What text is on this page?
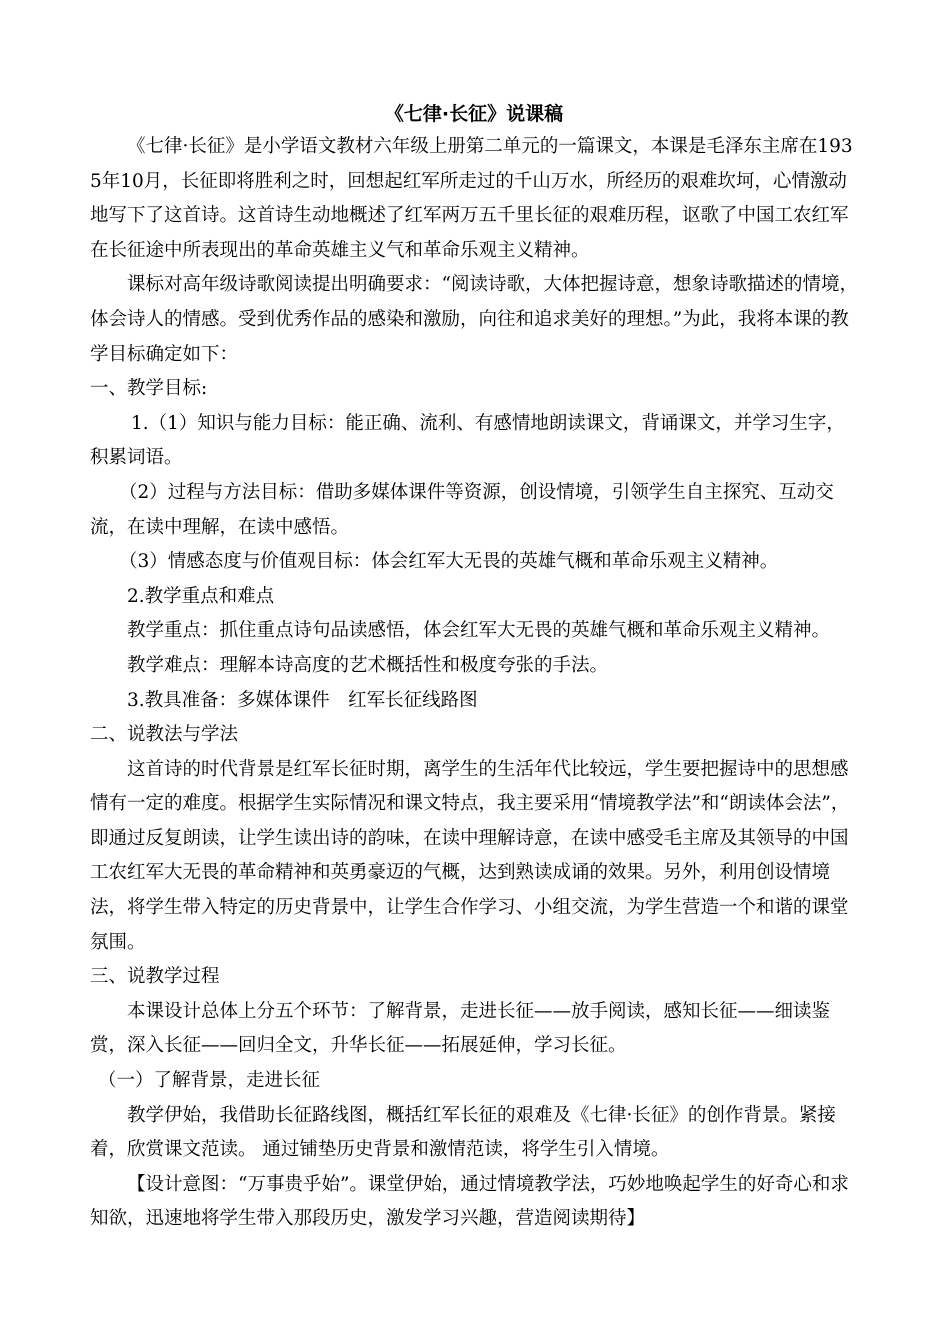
《七律·长征》说课稿

《七律·长征》是小学语文教材六年级上册第二单元的一篇课文，本课是毛泽东主席在1935年10月，长征即将胜利之时，回想起红军所走过的千山万水，所经历的艰难坎坷，心情激动地写下了这首诗。这首诗生动地概述了红军两万五千里长征的艰难历程，讴歌了中国工农红军在长征途中所表现出的革命英雄主义气和革命乐观主义精神。

课标对高年级诗歌阅读提出明确要求：“阅读诗歌，大体把握诗意，想象诗歌描述的情境，体会诗人的情感。受到优秀作品的感染和激励，向往和追求美好的理想。”为此，我将本课的教学目标确定如下：

一、教学目标:

1.（1）知识与能力目标：能正确、流利、有感情地朗读课文，背诵课文，并学习生字，积累词语。

（2）过程与方法目标：借助多媒体课件等资源，创设情境，引领学生自主探究、互动交流，在读中理解，在读中感悟。

（3）情感态度与价值观目标：体会红军大无畏的英雄气概和革命乐观主义精神。

2.教学重点和难点

教学重点：抓住重点诗句品读感悟，体会红军大无畏的英雄气概和革命乐观主义精神。

教学难点：理解本诗高度的艺术概括性和极度夸张的手法。

3.教具准备：多媒体课件　红军长征线路图

二、说教法与学法

这首诗的时代背景是红军长征时期，离学生的生活年代比较远，学生要把握诗中的思想感情有一定的难度。根据学生实际情况和课文特点，我主要采用“情境教学法”和“朗读体会法”，即通过反复朗读，让学生读出诗的韵味，在读中理解诗意，在读中感受毛主席及其领导的中国工农红军大无畏的革命精神和英勇豪迈的气概，达到熟读成诵的效果。另外，利用创设情境法，将学生带入特定的历史背景中，让学生合作学习、小组交流，为学生营造一个和谐的课堂氛围。

三、说教学过程

本课设计总体上分五个环节：了解背景，走进长征——放手阅读，感知长征——细读鉴赏，深入长征——回归全文，升华长征——拓展延伸，学习长征。

（一）了解背景，走进长征

教学伊始，我借助长征路线图，概括红军长征的艰难及《七律·长征》的创作背景。紧接着，欣赏课文范读。 通过铺垫历史背景和激情范读，将学生引入情境。

【设计意图：“万事贵乎始”。课堂伊始，通过情境教学法，巧妙地唤起学生的好奇心和求知欲，迅速地将学生带入那段历史，激发学习兴趣，营造阅读期待】
